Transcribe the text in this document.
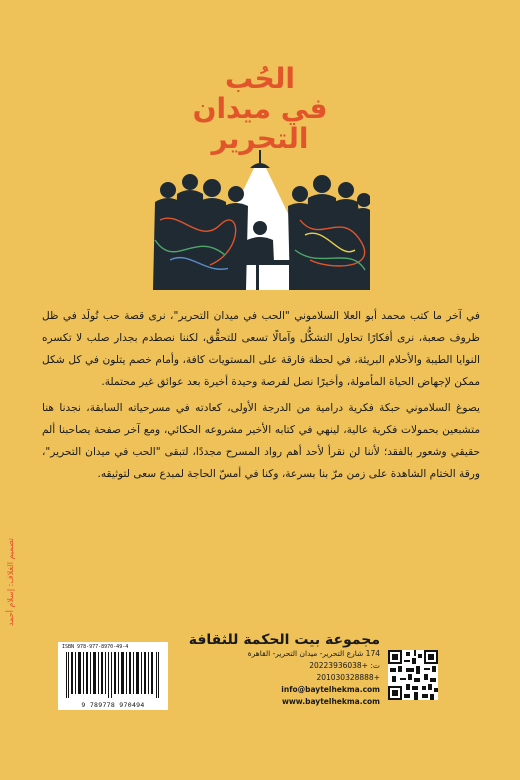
الحُب
في ميدان
التحرير

في آخر ما كتب محمد أبو العلا السلاموني "الحب في ميدان التحرير"، نرى قصة حب تُولَد في ظل ظروف صعبة، نرى أفكارًا تحاول التشكُّل وآمالًا تسعى للتحقُّق، لكننا نصطدم بجدار صلب لا تكسره النوايا الطيبة والأحلام البريئة، في لحظة فارقة على المستويات كافة، وأمام خصم يتلون في كل شكل ممكن لإجهاض الحياة المأمولة، وأخيرًا نصل لفرصة وحيدة أخيرة بعد عوائق غير محتملة.

يصوغ السلاموني حبكة فكرية درامية من الدرجة الأولى، كعادته في مسرحياته السابقة، نجدنا هنا متشبعين بحمولات فكرية عالية، لينهي في كتابه الأخير مشروعه الحكائي، ومع آخر صفحة يصاحبنا ألم حقيقي وشعور بالفقد؛ لأننا لن نقرأ لأحد أهم رواد المسرح مجددًا، لتبقى "الحب في ميدان التحرير"، ورقة الختام الشاهدة على زمن مرّ بنا بسرعة، وكنا في أمسّ الحاجة لمبدع سعى لتوثيقه.

تصميم الغلاف: إسلام أحمد
ISBN 978-977-8970-49-4
9 789778 970494
مجموعة بيت الحكمة للثقافة
174 شارع التحرير- ميدان التحرير- القاهرة
ت: +20223936038
+201030328888
info@baytelhekma.com
www.baytelhekma.com
